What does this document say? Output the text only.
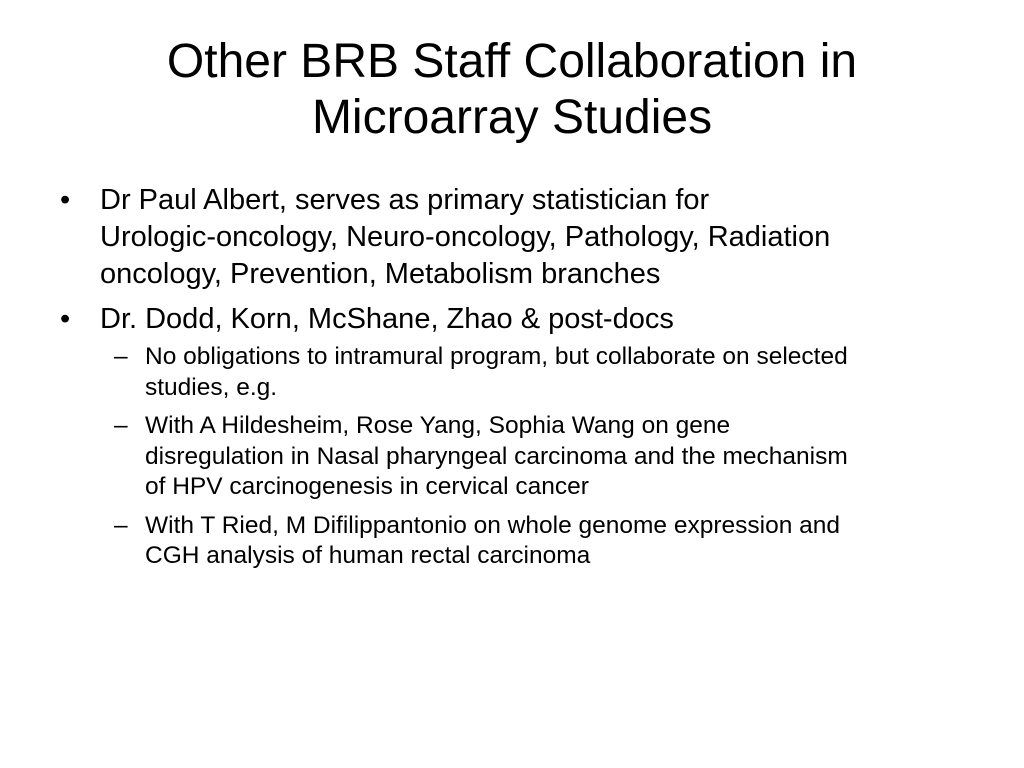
Other BRB Staff Collaboration in
Microarray Studies
• Dr Paul Albert, serves as primary statistician for
Urologic-oncology, Neuro-oncology, Pathology, Radiation
oncology, Prevention, Metabolism branches
• Dr. Dodd, Korn, McShane, Zhao & post-docs
– No obligations to intramural program, but collaborate on selected
studies, e.g.
– With A Hildesheim, Rose Yang, Sophia Wang on gene
disregulation in Nasal pharyngeal carcinoma and the mechanism
of HPV carcinogenesis in cervical cancer
– With T Ried, M Difilippantonio on whole genome expression and
CGH analysis of human rectal carcinoma
